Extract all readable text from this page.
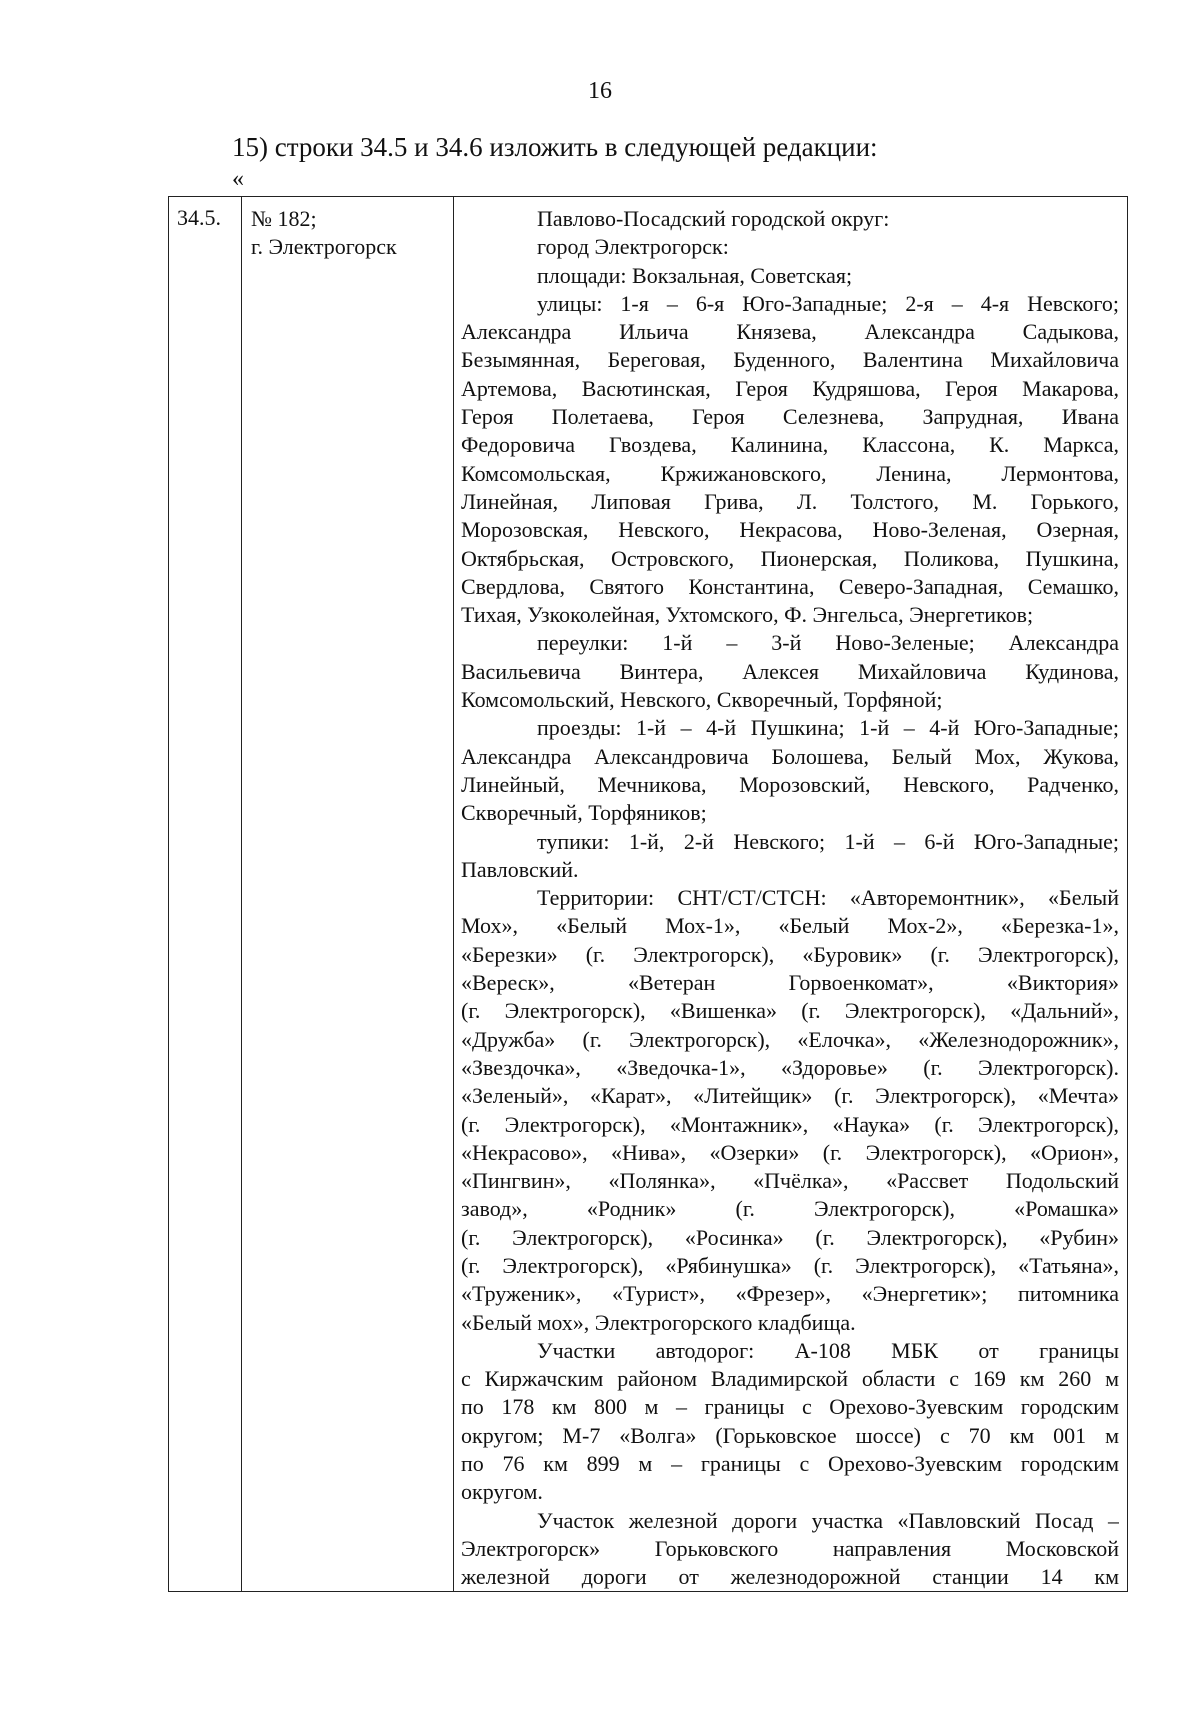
16
15) строки 34.5 и 34.6 изложить в следующей редакции:
«
34.5. № 182;
г. Электрогорск
Павлово-Посадский городской округ:
город Электрогорск:
площади: Вокзальная, Советская;
улицы: 1-я – 6-я Юго-Западные; 2-я – 4-я Невского;
Александра Ильича Князева, Александра Садыкова,
Безымянная, Береговая, Буденного, Валентина Михайловича
Артемова, Васютинская, Героя Кудряшова, Героя Макарова,
Героя Полетаева, Героя Селезнева, Запрудная, Ивана
Федоровича Гвоздева, Калинина, Классона, К. Маркса,
Комсомольская, Кржижановского, Ленина, Лермонтова,
Линейная, Липовая Грива, Л. Толстого, М. Горького,
Морозовская, Невского, Некрасова, Ново-Зеленая, Озерная,
Октябрьская, Островского, Пионерская, Поликова, Пушкина,
Свердлова, Святого Константина, Северо-Западная, Семашко,
Тихая, Узкоколейная, Ухтомского, Ф. Энгельса, Энергетиков;
переулки: 1-й – 3-й Ново-Зеленые; Александра
Васильевича Винтера, Алексея Михайловича Кудинова,
Комсомольский, Невского, Скворечный, Торфяной;
проезды: 1-й – 4-й Пушкина; 1-й – 4-й Юго-Западные;
Александра Александровича Болошева, Белый Мох, Жукова,
Линейный, Мечникова, Морозовский, Невского, Радченко,
Скворечный, Торфяников;
тупики: 1-й, 2-й Невского; 1-й – 6-й Юго-Западные;
Павловский.
Территории: СНТ/СТ/СТСН: «Авторемонтник», «Белый
Мох», «Белый Мох-1», «Белый Мох-2», «Березка-1»,
«Березки» (г. Электрогорск), «Буровик» (г. Электрогорск),
«Вереск», «Ветеран Горвоенкомат», «Виктория»
(г. Электрогорск), «Вишенка» (г. Электрогорск), «Дальний»,
«Дружба» (г. Электрогорск), «Елочка», «Железнодорожник»,
«Звездочка», «Зведочка-1», «Здоровье» (г. Электрогорск).
«Зеленый», «Карат», «Литейщик» (г. Электрогорск), «Мечта»
(г. Электрогорск), «Монтажник», «Наука» (г. Электрогорск),
«Некрасово», «Нива», «Озерки» (г. Электрогорск), «Орион»,
«Пингвин», «Полянка», «Пчёлка», «Рассвет Подольский
завод», «Родник» (г. Электрогорск), «Ромашка»
(г. Электрогорск), «Росинка» (г. Электрогорск), «Рубин»
(г. Электрогорск), «Рябинушка» (г. Электрогорск), «Татьяна»,
«Труженик», «Турист», «Фрезер», «Энергетик»; питомника
«Белый мох», Электрогорского кладбища.
Участки автодорог: А-108 МБК от границы
с Киржачским районом Владимирской области с 169 км 260 м
по 178 км 800 м – границы с Орехово-Зуевским городским
округом; М-7 «Волга» (Горьковское шоссе) с 70 км 001 м
по 76 км 899 м – границы с Орехово-Зуевским городским
округом.
Участок железной дороги участка «Павловский Посад –
Электрогорск» Горьковского направления Московской
железной дороги от железнодорожной станции 14 км
